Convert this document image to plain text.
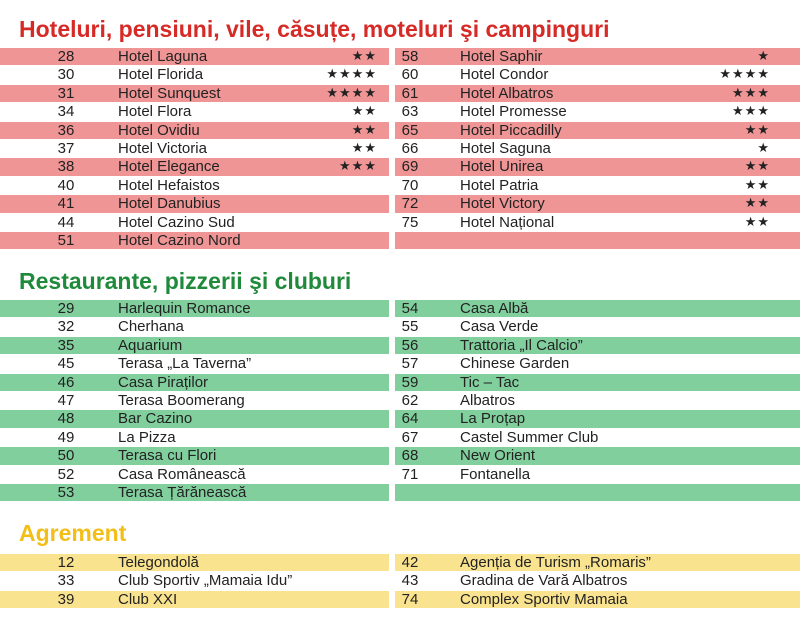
Hoteluri, pensiuni, vile, căsuțe, moteluri şi campinguri
28	Hotel Laguna	★★
30	Hotel Florida	★★★★
31	Hotel Sunquest	★★★★
34	Hotel Flora	★★
36	Hotel Ovidiu	★★
37	Hotel Victoria	★★
38	Hotel Elegance	★★★
40	Hotel Hefaistos
41	Hotel Danubius
44	Hotel Cazino Sud
51	Hotel Cazino Nord
58	Hotel Saphir	★
60	Hotel Condor	★★★★
61	Hotel Albatros	★★★
63	Hotel Promesse	★★★
65	Hotel Piccadilly	★★
66	Hotel Saguna	★
69	Hotel Unirea	★★
70	Hotel Patria	★★
72	Hotel Victory	★★
75	Hotel Național	★★
Restaurante, pizzerii şi cluburi
29	Harlequin Romance
32	Cherhana
35	Aquarium
45	Terasa „La Taverna”
46	Casa Piraților
47	Terasa Boomerang
48	Bar Cazino
49	La Pizza
50	Terasa cu Flori
52	Casa Românească
53	Terasa Țărănească
54	Casa Albă
55	Casa Verde
56	Trattoria „Il Calcio”
57	Chinese Garden
59	Tic – Tac
62	Albatros
64	La Proțap
67	Castel Summer Club
68	New Orient
71	Fontanella
Agrement
12	Telegondolă
33	Club Sportiv „Mamaia Idu”
39	Club XXI
42	Agenția de Turism „Romaris”
43	Gradina de Vară Albatros
74	Complex Sportiv Mamaia
